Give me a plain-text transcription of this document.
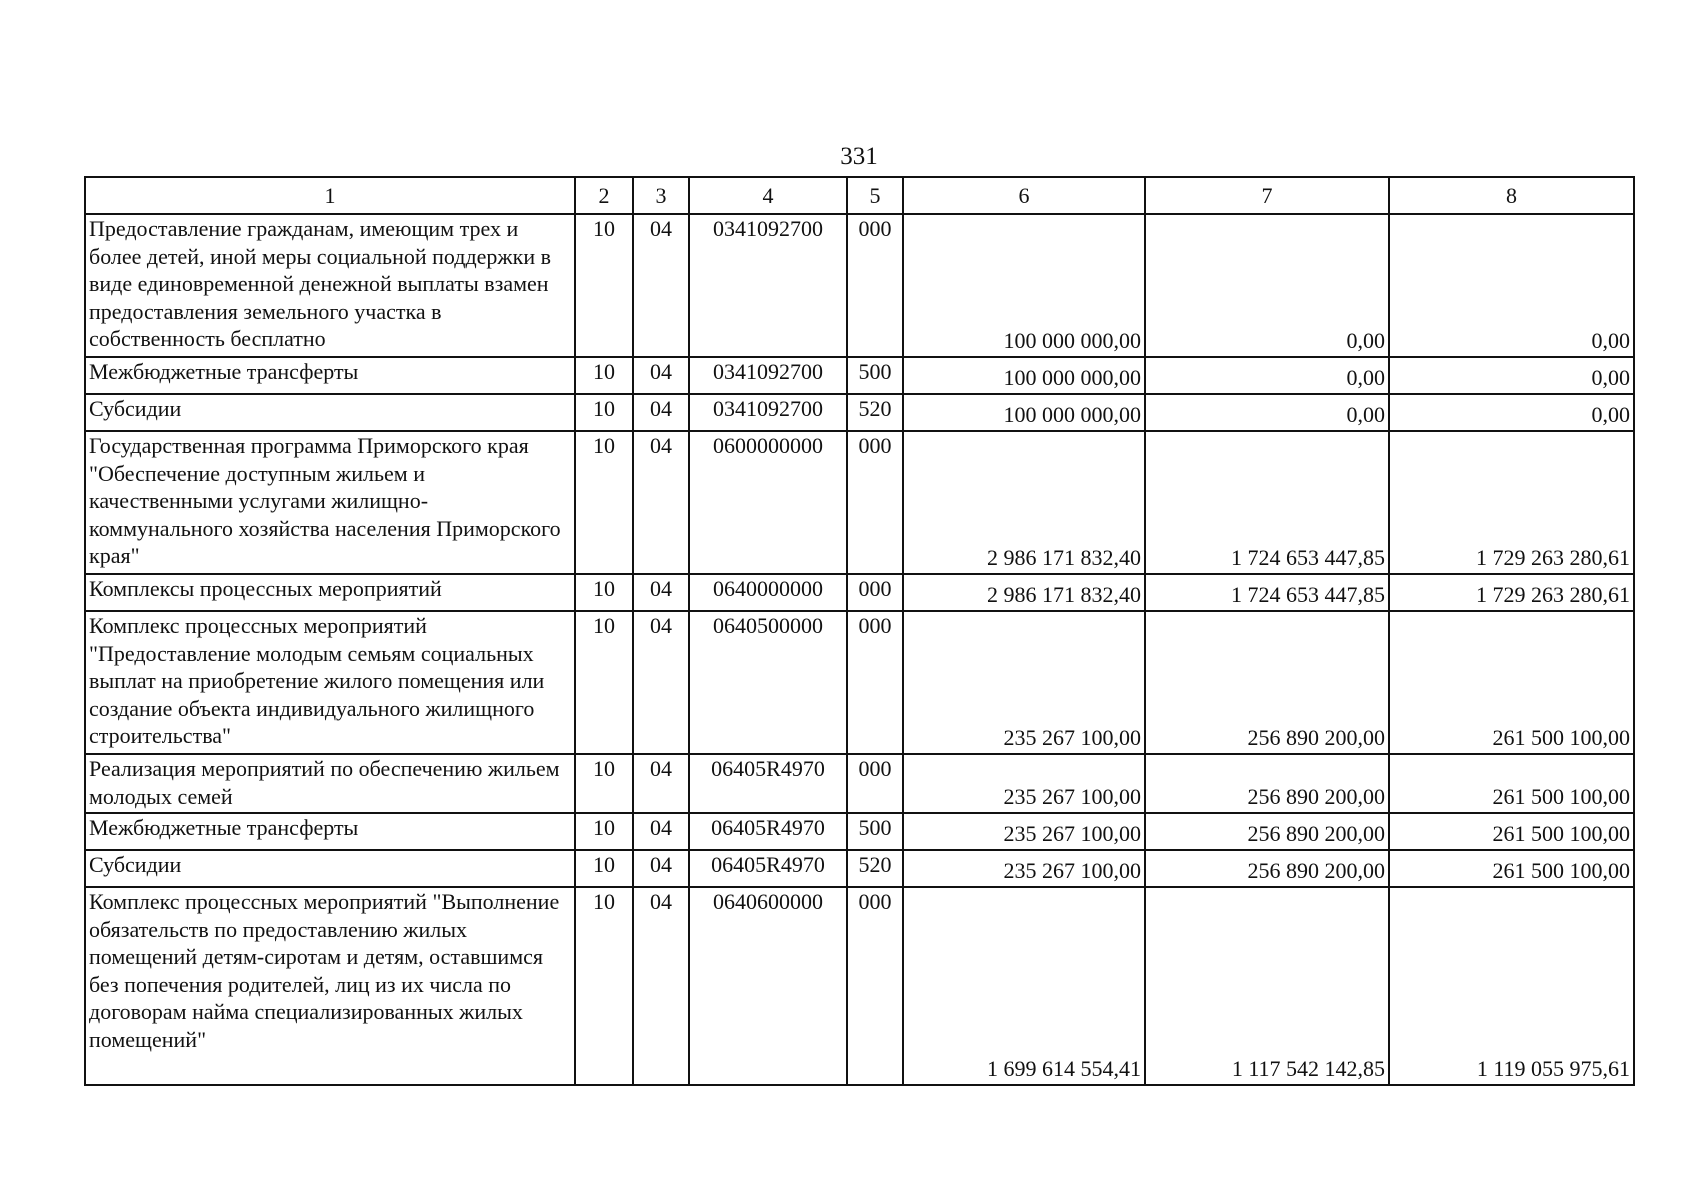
331
1	2	3	4	5	6	7	8
Предоставление гражданам, имеющим трех и более детей, иной меры социальной поддержки в виде единовременной денежной выплаты взамен предоставления земельного участка в собственность бесплатно	10	04	0341092700	000	100 000 000,00	0,00	0,00
Межбюджетные трансферты	10	04	0341092700	500	100 000 000,00	0,00	0,00
Субсидии	10	04	0341092700	520	100 000 000,00	0,00	0,00
Государственная программа Приморского края "Обеспечение доступным жильем и качественными услугами жилищно-коммунального хозяйства населения Приморского края"	10	04	0600000000	000	2 986 171 832,40	1 724 653 447,85	1 729 263 280,61
Комплексы процессных мероприятий	10	04	0640000000	000	2 986 171 832,40	1 724 653 447,85	1 729 263 280,61
Комплекс процессных мероприятий "Предоставление молодым семьям социальных выплат на приобретение жилого помещения или создание объекта индивидуального жилищного строительства"	10	04	0640500000	000	235 267 100,00	256 890 200,00	261 500 100,00
Реализация мероприятий по обеспечению жильем молодых семей	10	04	06405R4970	000	235 267 100,00	256 890 200,00	261 500 100,00
Межбюджетные трансферты	10	04	06405R4970	500	235 267 100,00	256 890 200,00	261 500 100,00
Субсидии	10	04	06405R4970	520	235 267 100,00	256 890 200,00	261 500 100,00
Комплекс процессных мероприятий "Выполнение обязательств по предоставлению жилых помещений детям-сиротам и детям, оставшимся без попечения родителей, лиц из их числа по договорам найма специализированных жилых помещений"	10	04	0640600000	000	1 699 614 554,41	1 117 542 142,85	1 119 055 975,61
